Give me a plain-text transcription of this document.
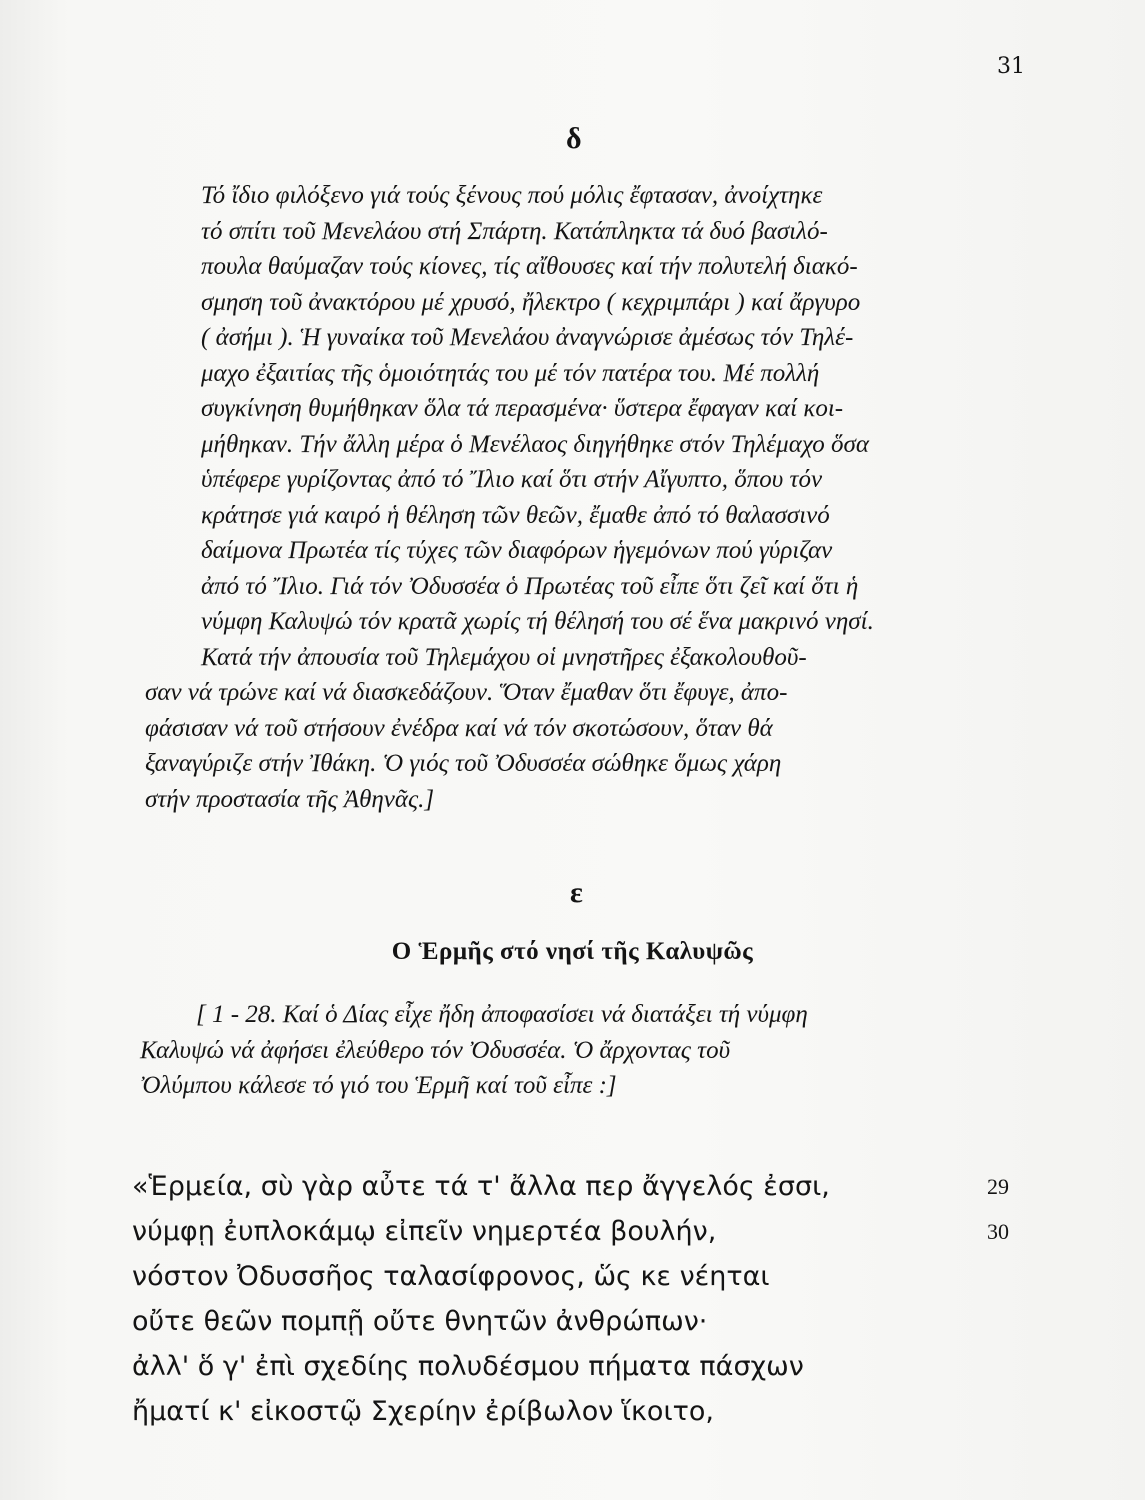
31
δ

Τό ἴδιο φιλόξενο γιά τούς ξένους πού μόλις ἔφτασαν, ἀνοίχτηκε
τό σπίτι τοῦ Μενελάου στή Σπάρτη. Κατάπληκτα τά δυό βασιλό-
πουλα θαύμαζαν τούς κίονες, τίς αἴθουσες καί τήν πολυτελή διακό-
σμηση τοῦ ἀνακτόρου μέ χρυσό, ἤλεκτρο ( κεχριμπάρι ) καί ἄργυρο
( ἀσήμι ). Ἡ γυναίκα τοῦ Μενελάου ἀναγνώρισε ἀμέσως τόν Τηλέ-
μαχο ἐξαιτίας τῆς ὁμοιότητάς του μέ τόν πατέρα του. Μέ πολλή
συγκίνηση θυμήθηκαν ὅλα τά περασμένα· ὕστερα ἔφαγαν καί κοι-
μήθηκαν. Τήν ἄλλη μέρα ὁ Μενέλαος διηγήθηκε στόν Τηλέμαχο ὅσα
ὑπέφερε γυρίζοντας ἀπό τό Ἴλιο καί ὅτι στήν Αἴγυπτο, ὅπου τόν
κράτησε γιά καιρό ἡ θέληση τῶν θεῶν, ἔμαθε ἀπό τό θαλασσινό
δαίμονα Πρωτέα τίς τύχες τῶν διαφόρων ἡγεμόνων πού γύριζαν
ἀπό τό Ἴλιο. Γιά τόν Ὀδυσσέα ὁ Πρωτέας τοῦ εἶπε ὅτι ζεῖ καί ὅτι ἡ
νύμφη Καλυψώ τόν κρατᾶ χωρίς τή θέλησή του σέ ἕνα μακρινό νησί.

Κατά τήν ἀπουσία τοῦ Τηλεμάχου οἱ μνηστῆρες ἐξακολουθοῦ-
σαν νά τρώνε καί νά διασκεδάζουν. Ὅταν ἔμαθαν ὅτι ἔφυγε, ἀπο-
φάσισαν νά τοῦ στήσουν ἐνέδρα καί νά τόν σκοτώσουν, ὅταν θά
ξαναγύριζε στήν Ἰθάκη. Ὁ γιός τοῦ Ὀδυσσέα σώθηκε ὅμως χάρη
στήν προστασία τῆς Ἀθηνᾶς.]

ε
Ο Ἑρμῆς στό νησί τῆς Καλυψῶς
[ 1 - 28. Καί ὁ Δίας εἶχε ἤδη ἀποφασίσει νά διατάξει τή νύμφη
Καλυψώ νά ἀφήσει ἐλεύθερο τόν Ὀδυσσέα. Ὁ ἄρχοντας τοῦ
Ὀλύμπου κάλεσε τό γιό του Ἑρμῆ καί τοῦ εἶπε :]
«Ἑρμεία, σὺ γὰρ αὖτε τά τ' ἄλλα περ ἄγγελός ἐσσι,	29
νύμφῃ ἐυπλοκάμῳ εἰπεῖν νημερτέα βουλήν,	30
νόστον Ὀδυσσῆος ταλασίφρονος, ὥς κε νέηται
οὔτε θεῶν πομπῇ οὔτε θνητῶν ἀνθρώπων·
ἀλλ' ὅ γ' ἐπὶ σχεδίης πολυδέσμου πήματα πάσχων
ἤματί κ' εἰκοστῷ Σχερίην ἐρίβωλον ἵκοιτο,
